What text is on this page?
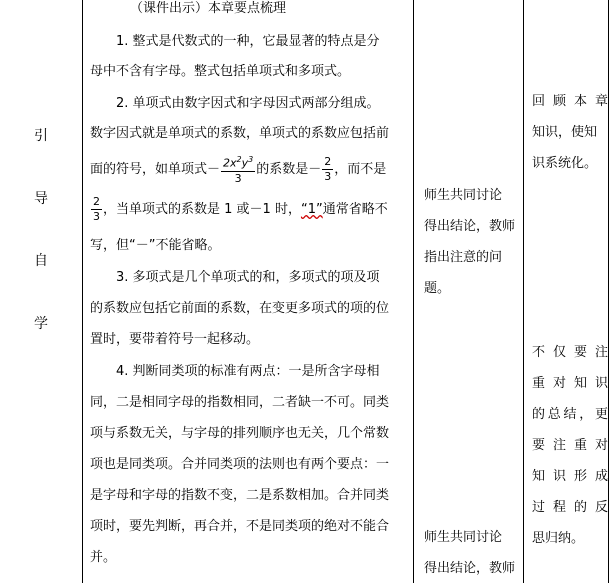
引
导
自
学
（课件出示）本章要点梳理
1. 整式是代数式的一种，它最显著的特点是分
母中不含有字母。整式包括单项式和多项式。
2. 单项式由数字因式和字母因式两部分组成。
数字因式就是单项式的系数，单项式的系数应包括前
面的符号，如单项式－ $\frac{2x^2y^3}{3}$ 的系数是－ $\frac{2}{3}$ ，而不是
$\frac{2}{3}$ ，当单项式的系数是 1 或－1 时，“1”通常省略不
写，但“－”不能省略。
3. 多项式是几个单项式的和，多项式的项及项
的系数应包括它前面的系数，在变更多项式的项的位
置时，要带着符号一起移动。
4. 判断同类项的标准有两点：一是所含字母相
同，二是相同字母的指数相同，二者缺一不可。同类
项与系数无关，与字母的排列顺序也无关，几个常数
项也是同类项。合并同类项的法则也有两个要点：一
是字母和字母的指数不变，二是系数相加。合并同类
项时，要先判断，再合并，不是同类项的绝对不能合
并。
师生共同讨论
得出结论，教师
指出注意的问
题。
师生共同讨论
得出结论，教师
回顾本章
知识，使知
识系统化。
不仅要注
重对知识
的总结，更
要注重对
知识形成
过程的反
思归纳。
